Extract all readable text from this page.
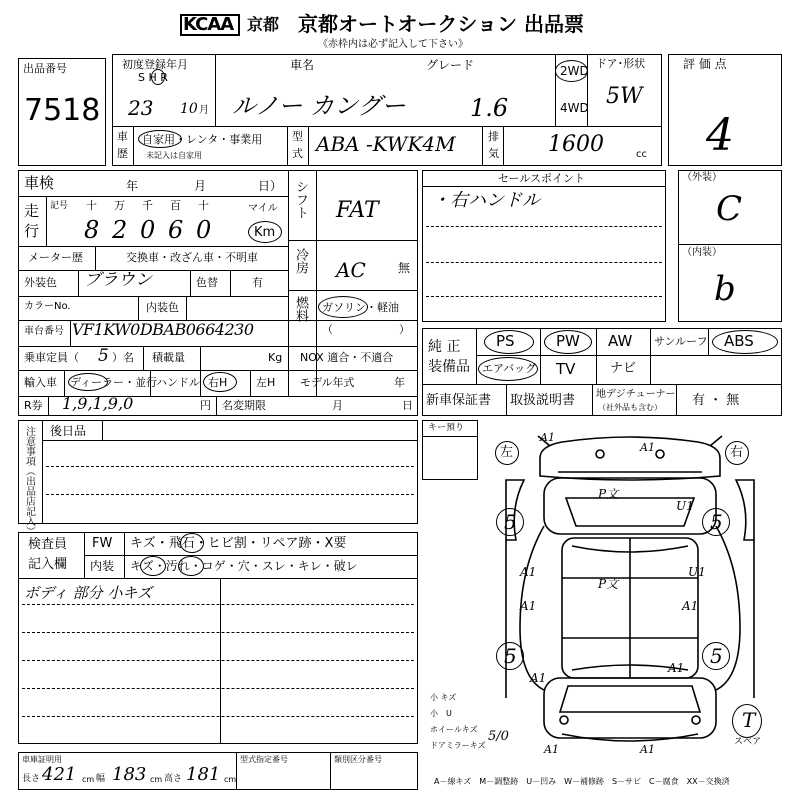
KCAA 京都 京都オートオークション 出品票
《赤枠内は必ず記入して下さい》
出品番号
7518
初度登録年月
S H R
23 10 月
車名	グレード
ルノー カングー	1.6
2WD
4WD
ドア･形状
5W
車
歴
自家用・レンタ・事業用
未記入は自家用
型
式 ABA -KWK4M	排
気 1600	cc
評 価 点
4
車検	年	月	日）
走
行
記号 十 万 千 百 十	マイル
8 2 0 6 0	Km
メーター歴	交換車・改ざん車・不明車
外装色 ブラウン	色替	有
カラーNo.	内装色
車台番号 VF1KW0DBAB0664230
乗車定員（ 5 ）名 積載量	Kg
輸入車 ディーラー・並行
ハンドル 右H	左H
R券 1,9,1,9,0	円 名変期限	月	日
シフト FAT
冷房 AC	無
燃料 ガソリン・軽油
（　　　　　　）
NOX 適合・不適合
モデル年式	年
セールスポイント
・右ハンドル
（外装）
C
（内装）
b
純 正
装備品
PS	PW AW サンルーフ ABS
エアバッグ TV	ナビ
新車保証書 取扱説明書 地デジチューナー
（社外品も含む） 有 ・ 無
注意事項（出品店記入） 後日品
検査員
記入欄
FW キズ・飛石・ヒビ割・リペア跡・X要
内装 キズ・汚れ・コゲ・穴・スレ・キレ・破レ
ボディ 部分 小キズ
キー預り
左	右
A1
A1
P文
U1
A1
P文
A1
U1
A1
A1
A1
A1	A1
5	5
5	5
T
スペア
小 キズ
小　U
ホイールキズ
ドアミラーキズ
5/0
A－線キズ　M－調整跡　U－凹み　W－補修跡　S－サビ　C－腐食　XX－交換済
車庫証明用
長さ 421 cm 幅 183 cm 高さ 181 cm
型式指定番号	類別区分番号
